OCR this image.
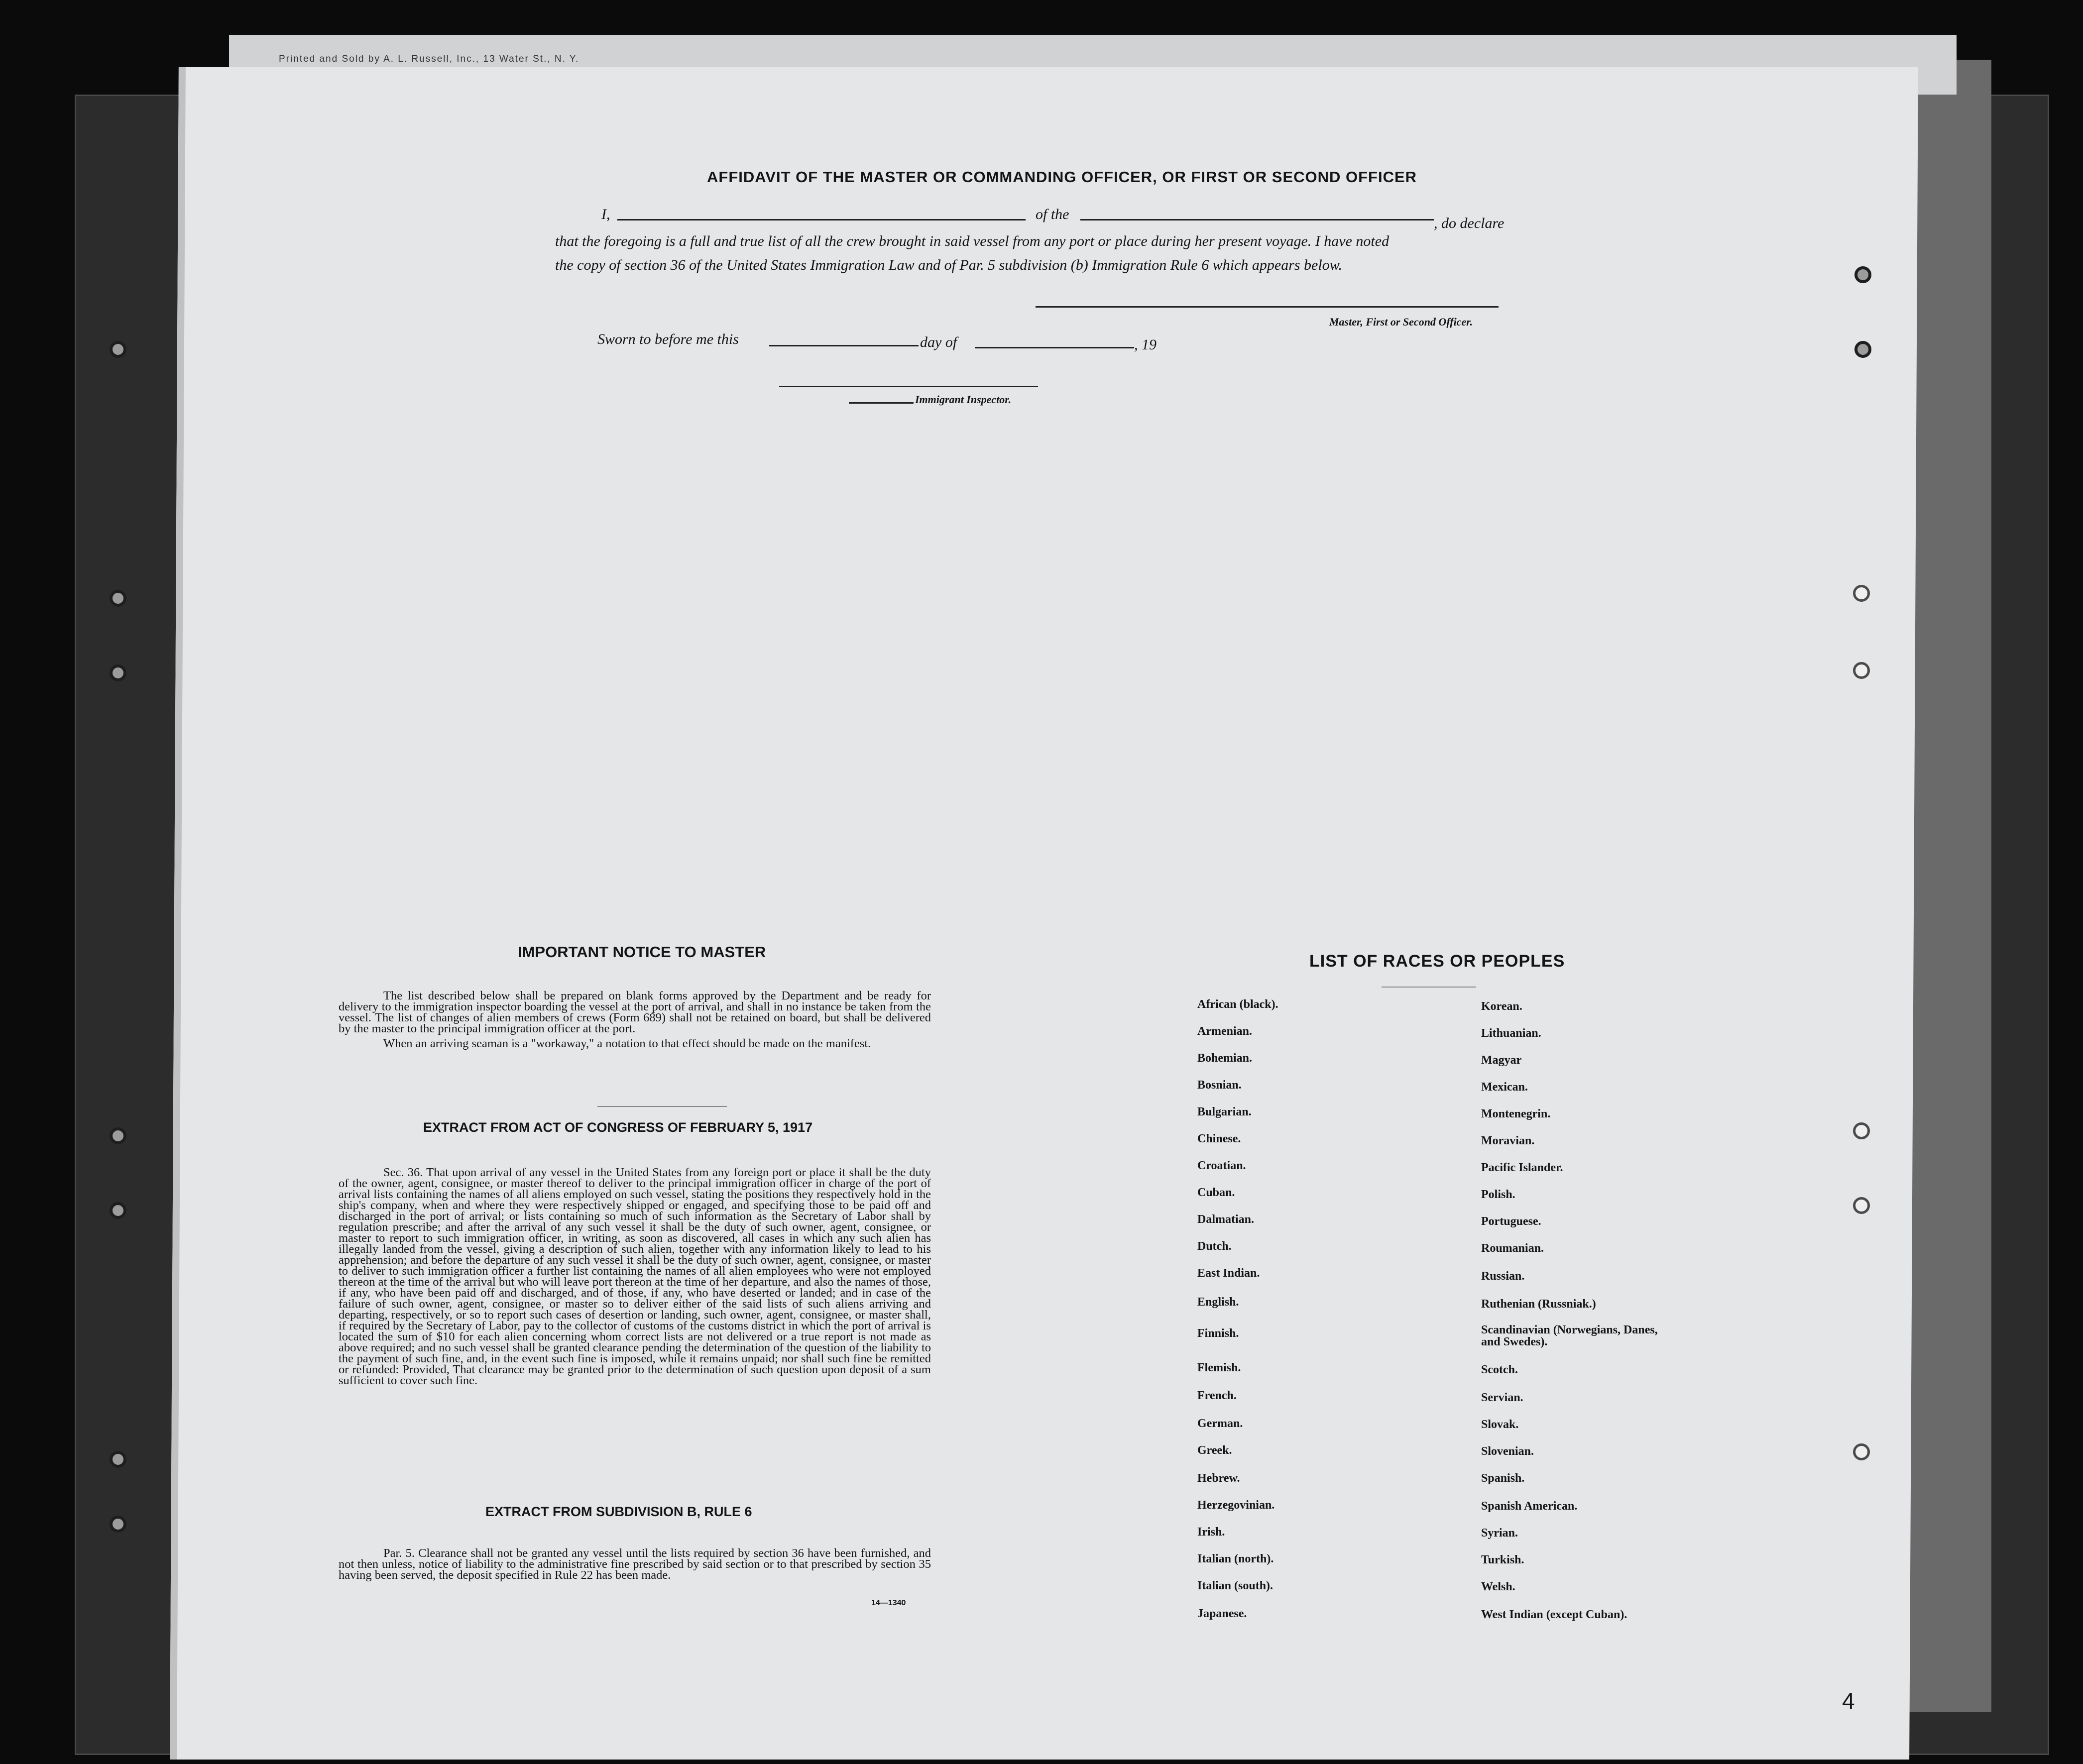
Printed and Sold by A. L. Russell, Inc., 13 Water St., N. Y.
AFFIDAVIT OF THE MASTER OR COMMANDING OFFICER, OR FIRST OR SECOND OFFICER
I,	of the
, do declare
that the foregoing is a full and true list of all the crew brought in said vessel from any port or place during her present voyage. I have noted
the copy of section 36 of the United States Immigration Law and of Par. 5 subdivision (b) Immigration Rule 6 which appears below.
Master, First or Second Officer.
Sworn to before me this	day of	, 19
Immigrant Inspector.
IMPORTANT NOTICE TO MASTER

The list described below shall be prepared on blank forms approved by the Department and be ready for delivery to the immigration inspector boarding the vessel at the port of arrival, and shall in no instance be taken from the vessel. The list of changes of alien members of crews (Form 689) shall not be retained on board, but shall be delivered by the master to the principal immigration officer at the port.

When an arriving seaman is a "workaway," a notation to that effect should be made on the manifest.

EXTRACT FROM ACT OF CONGRESS OF FEBRUARY 5, 1917

Sec. 36. That upon arrival of any vessel in the United States from any foreign port or place it shall be the duty of the owner, agent, consignee, or master thereof to deliver to the principal immigration officer in charge of the port of arrival lists containing the names of all aliens employed on such vessel, stating the positions they respectively hold in the ship's company, when and where they were respectively shipped or engaged, and specifying those to be paid off and discharged in the port of arrival; or lists containing so much of such information as the Secretary of Labor shall by regulation prescribe; and after the arrival of any such vessel it shall be the duty of such owner, agent, consignee, or master to report to such immigration officer, in writing, as soon as discovered, all cases in which any such alien has illegally landed from the vessel, giving a description of such alien, together with any information likely to lead to his apprehension; and before the departure of any such vessel it shall be the duty of such owner, agent, consignee, or master to deliver to such immigration officer a further list containing the names of all alien employees who were not employed thereon at the time of the arrival but who will leave port thereon at the time of her departure, and also the names of those, if any, who have been paid off and discharged, and of those, if any, who have deserted or landed; and in case of the failure of such owner, agent, consignee, or master so to deliver either of the said lists of such aliens arriving and departing, respectively, or so to report such cases of desertion or landing, such owner, agent, consignee, or master shall, if required by the Secretary of Labor, pay to the collector of customs of the customs district in which the port of arrival is located the sum of $10 for each alien concerning whom correct lists are not delivered or a true report is not made as above required; and no such vessel shall be granted clearance pending the determination of the question of the liability to the payment of such fine, and, in the event such fine is imposed, while it remains unpaid; nor shall such fine be remitted or refunded: Provided, That clearance may be granted prior to the determination of such question upon deposit of a sum sufficient to cover such fine.

EXTRACT FROM SUBDIVISION B, RULE 6

Par. 5. Clearance shall not be granted any vessel until the lists required by section 36 have been furnished, and not then unless, notice of liability to the administrative fine prescribed by said section or to that prescribed by section 35 having been served, the deposit specified in Rule 22 has been made.

14—1340
LIST OF RACES OR PEOPLES
African (black).
Armenian.
Bohemian.
Bosnian.
Bulgarian.
Chinese.
Croatian.
Cuban.
Dalmatian.
Dutch.
East Indian.
English.
Finnish.
Flemish.
French.
German.
Greek.
Hebrew.
Herzegovinian.
Irish.
Italian (north).
Italian (south).
Japanese.
Korean.
Lithuanian.
Magyar
Mexican.
Montenegrin.
Moravian.
Pacific Islander.
Polish.
Portuguese.
Roumanian.
Russian.
Ruthenian (Russniak.)
Scandinavian (Norwegians, Danes, and Swedes).
Scotch.
Servian.
Slovak.
Slovenian.
Spanish.
Spanish American.
Syrian.
Turkish.
Welsh.
West Indian (except Cuban).
4
